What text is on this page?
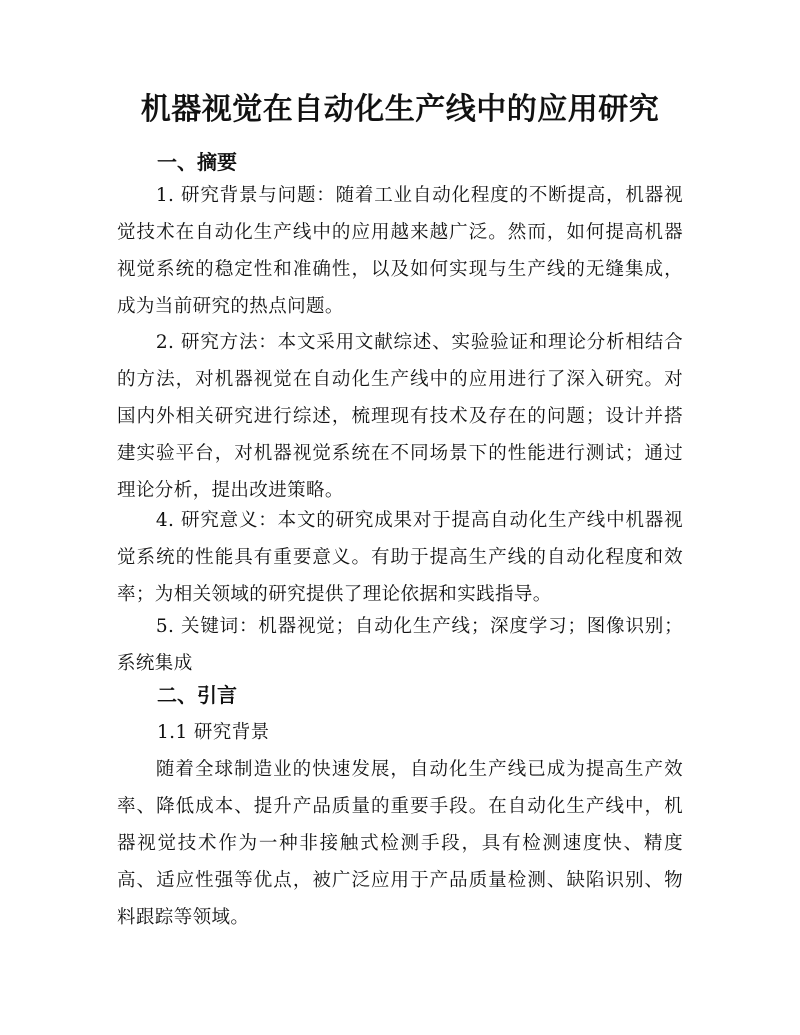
机器视觉在自动化生产线中的应用研究
一、摘要

1. 研究背景与问题：随着工业自动化程度的不断提高，机器视觉技术在自动化生产线中的应用越来越广泛。然而，如何提高机器视觉系统的稳定性和准确性，以及如何实现与生产线的无缝集成，成为当前研究的热点问题。

2. 研究方法：本文采用文献综述、实验验证和理论分析相结合的方法，对机器视觉在自动化生产线中的应用进行了深入研究。对国内外相关研究进行综述，梳理现有技术及存在的问题；设计并搭建实验平台，对机器视觉系统在不同场景下的性能进行测试；通过理论分析，提出改进策略。

4. 研究意义：本文的研究成果对于提高自动化生产线中机器视觉系统的性能具有重要意义。有助于提高生产线的自动化程度和效率；为相关领域的研究提供了理论依据和实践指导。

5. 关键词：机器视觉；自动化生产线；深度学习；图像识别；系统集成

二、引言
1.1 研究背景

随着全球制造业的快速发展，自动化生产线已成为提高生产效率、降低成本、提升产品质量的重要手段。在自动化生产线中，机器视觉技术作为一种非接触式检测手段，具有检测速度快、精度高、适应性强等优点，被广泛应用于产品质量检测、缺陷识别、物料跟踪等领域。
